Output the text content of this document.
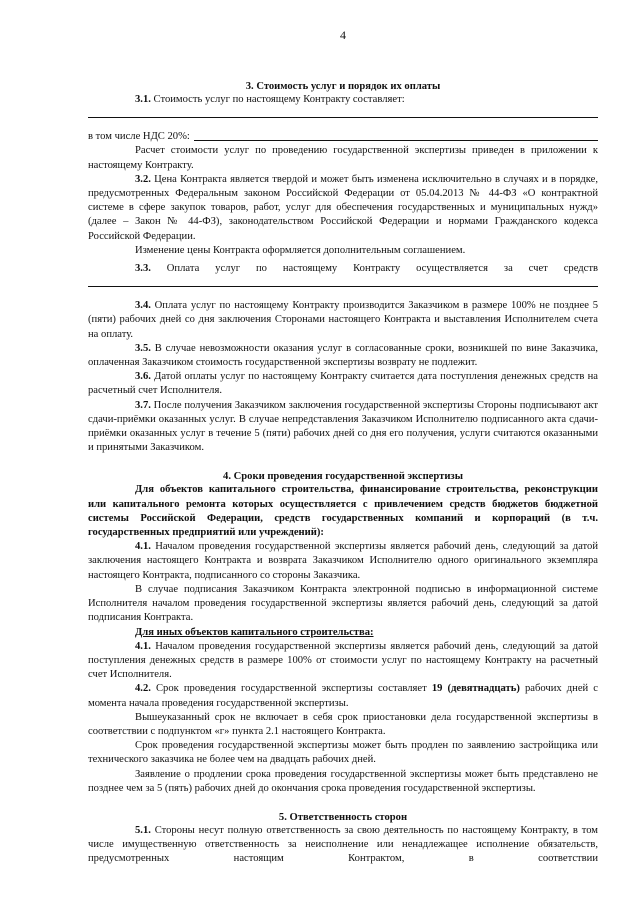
4
3. Стоимость услуг и порядок их оплаты

3.1. Стоимость услуг по настоящему Контракту составляет:

в том числе НДС 20%:

Расчет стоимости услуг по проведению государственной экспертизы приведен в приложении к настоящему Контракту.

3.2. Цена Контракта является твердой и может быть изменена исключительно в случаях и в порядке, предусмотренных Федеральным законом Российской Федерации от 05.04.2013 № 44-ФЗ «О контрактной системе в сфере закупок товаров, работ, услуг для обеспечения государственных и муниципальных нужд» (далее – Закон № 44-ФЗ), законодательством Российской Федерации и нормами Гражданского кодекса Российской Федерации.

Изменение цены Контракта оформляется дополнительным соглашением.

3.3. Оплата услуг по настоящему Контракту осуществляется за счет средств

3.4. Оплата услуг по настоящему Контракту производится Заказчиком в размере 100% не позднее 5 (пяти) рабочих дней со дня заключения Сторонами настоящего Контракта и выставления Исполнителем счета на оплату.

3.5. В случае невозможности оказания услуг в согласованные сроки, возникшей по вине Заказчика, оплаченная Заказчиком стоимость государственной экспертизы возврату не подлежит.

3.6. Датой оплаты услуг по настоящему Контракту считается дата поступления денежных средств на расчетный счет Исполнителя.

3.7. После получения Заказчиком заключения государственной экспертизы Стороны подписывают акт сдачи-приёмки оказанных услуг. В случае непредставления Заказчиком Исполнителю подписанного акта сдачи-приёмки оказанных услуг в течение 5 (пяти) рабочих дней со дня его получения, услуги считаются оказанными и принятыми Заказчиком.

4. Сроки проведения государственной экспертизы

Для объектов капитального строительства, финансирование строительства, реконструкции или капитального ремонта которых осуществляется с привлечением средств бюджетов бюджетной системы Российской Федерации, средств государственных компаний и корпораций (в т.ч. государственных предприятий или учреждений):

4.1. Началом проведения государственной экспертизы является рабочий день, следующий за датой заключения настоящего Контракта и возврата Заказчиком Исполнителю одного оригинального экземпляра настоящего Контракта, подписанного со стороны Заказчика.

В случае подписания Заказчиком Контракта электронной подписью в информационной системе Исполнителя началом проведения государственной экспертизы является рабочий день, следующий за датой подписания Контракта.

Для иных объектов капитального строительства:

4.1. Началом проведения государственной экспертизы является рабочий день, следующий за датой поступления денежных средств в размере 100% от стоимости услуг по настоящему Контракту на расчетный счет Исполнителя.

4.2. Срок проведения государственной экспертизы составляет 19 (девятнадцать) рабочих дней с момента начала проведения государственной экспертизы.

Вышеуказанный срок не включает в себя срок приостановки дела государственной экспертизы в соответствии с подпунктом «г» пункта 2.1 настоящего Контракта.

Срок проведения государственной экспертизы может быть продлен по заявлению застройщика или технического заказчика не более чем на двадцать рабочих дней.

Заявление о продлении срока проведения государственной экспертизы может быть представлено не позднее чем за 5 (пять) рабочих дней до окончания срока проведения государственной экспертизы.

5. Ответственность сторон

5.1. Стороны несут полную ответственность за свою деятельность по настоящему Контракту, в том числе имущественную ответственность за неисполнение или ненадлежащее исполнение обязательств, предусмотренных настоящим Контрактом, в соответствии
